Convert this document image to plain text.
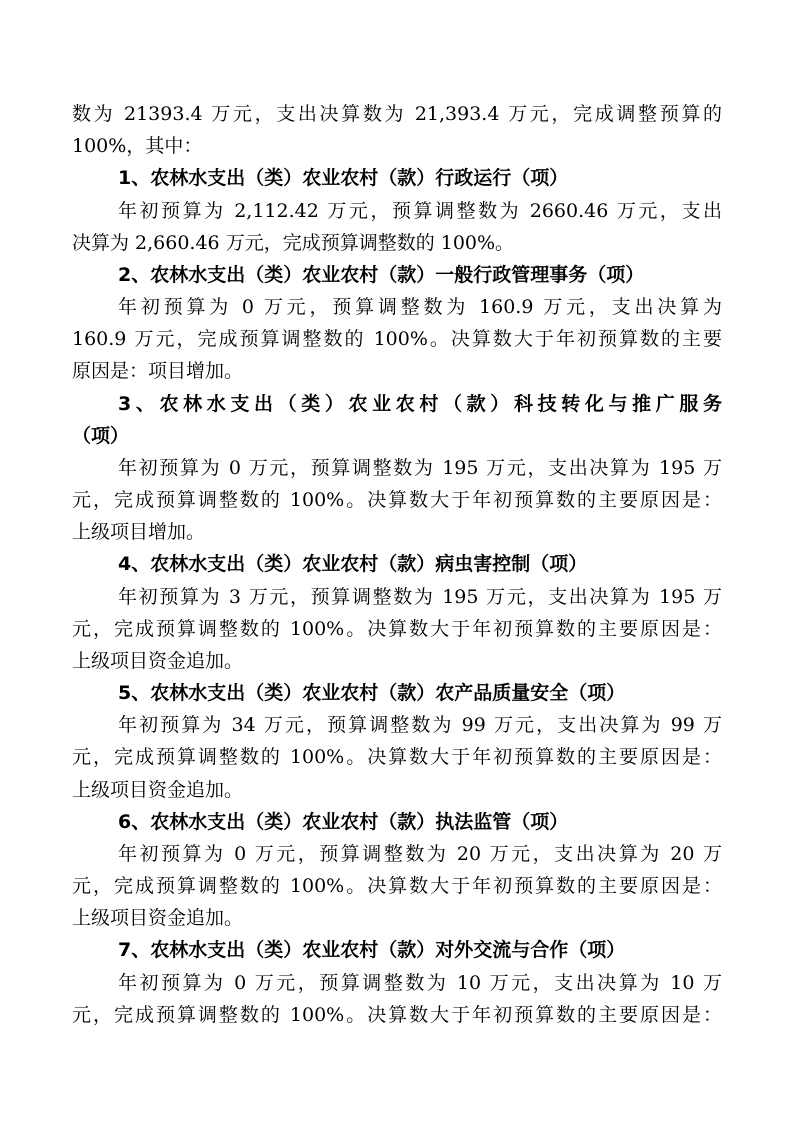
数为 21393.4 万元，支出决算数为 21,393.4 万元，完成调整预算的
100%，其中：
1、农林水支出（类）农业农村（款）行政运行（项）
年初预算为 2,112.42 万元，预算调整数为 2660.46 万元，支出
决算为 2,660.46 万元，完成预算调整数的 100%。
2、农林水支出（类）农业农村（款）一般行政管理事务（项）
年初预算为 0 万元，预算调整数为 160.9 万元，支出决算为
160.9 万元，完成预算调整数的 100%。决算数大于年初预算数的主要
原因是：项目增加。
3、农林水支出（类）农业农村（款）科技转化与推广服务
（项）
年初预算为 0 万元，预算调整数为 195 万元，支出决算为 195 万
元，完成预算调整数的 100%。决算数大于年初预算数的主要原因是：
上级项目增加。
4、农林水支出（类）农业农村（款）病虫害控制（项）
年初预算为 3 万元，预算调整数为 195 万元，支出决算为 195 万
元，完成预算调整数的 100%。决算数大于年初预算数的主要原因是：
上级项目资金追加。
5、农林水支出（类）农业农村（款）农产品质量安全（项）
年初预算为 34 万元，预算调整数为 99 万元，支出决算为 99 万
元，完成预算调整数的 100%。决算数大于年初预算数的主要原因是：
上级项目资金追加。
6、农林水支出（类）农业农村（款）执法监管（项）
年初预算为 0 万元，预算调整数为 20 万元，支出决算为 20 万
元，完成预算调整数的 100%。决算数大于年初预算数的主要原因是：
上级项目资金追加。
7、农林水支出（类）农业农村（款）对外交流与合作（项）
年初预算为 0 万元，预算调整数为 10 万元，支出决算为 10 万
元，完成预算调整数的 100%。决算数大于年初预算数的主要原因是：
